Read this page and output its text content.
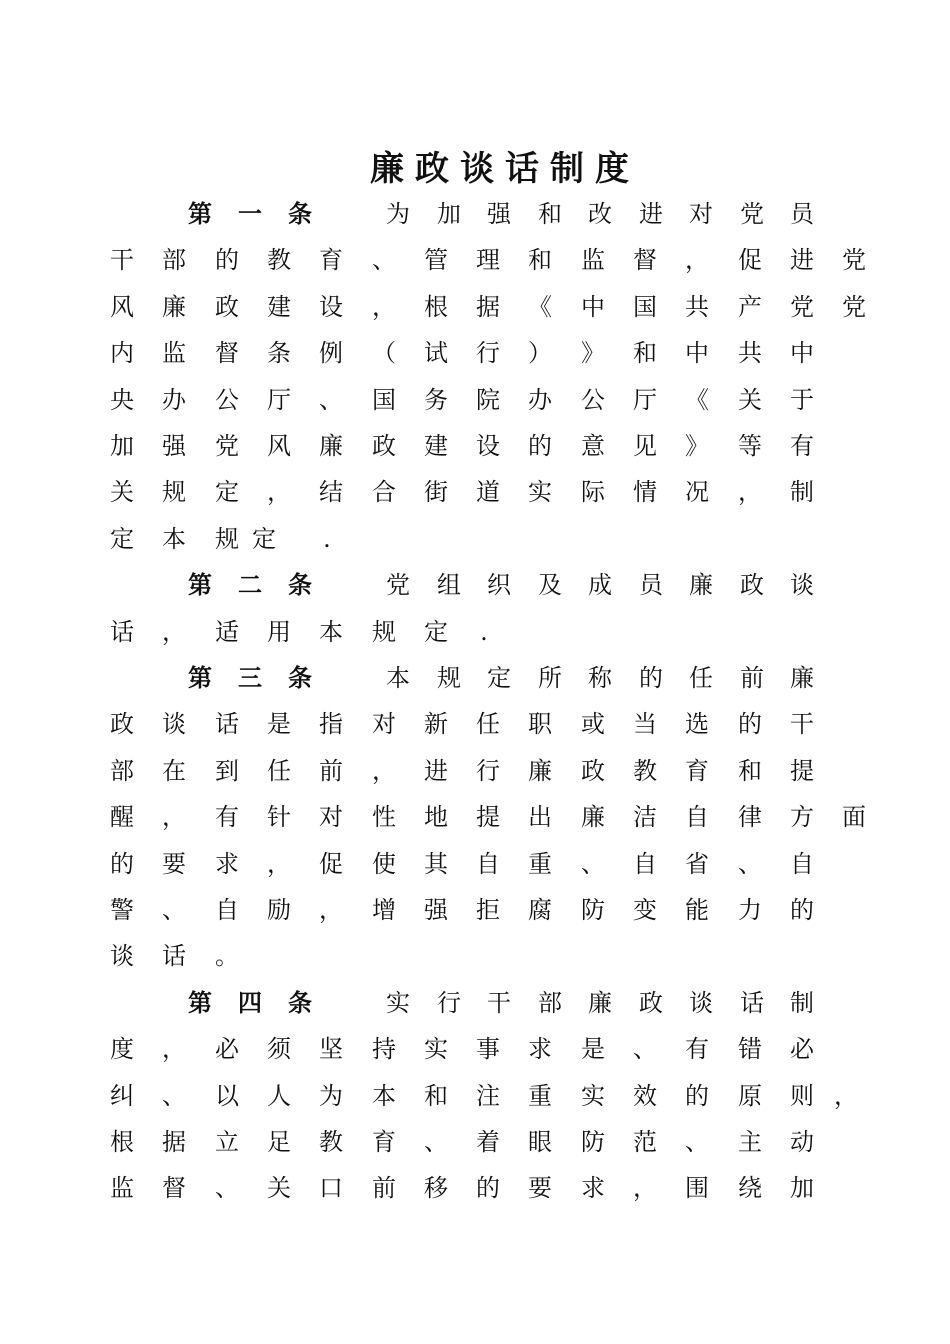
廉政谈话制度
第	一	条	为	加	强	和	改	进	对	党	员
干	部	的	教	育	、	管	理	和	监	督	，	促	进	党
风	廉	政	建	设	，	根	据	《	中	国	共	产	党	党
内	监	督	条	例	（	试	行	）	》	和	中	共	中
央	办	公	厅	、	国	务	院	办	公	厅	《	关	于
加	强	党	风	廉	政	建	设	的	意	见	》	等	有
关	规	定	，	结	合	街	道	实	际	情	况	，	制
定	本	规 定	.
第	二	条	党	组	织	及	成	员	廉	政	谈
话	，	适	用	本	规	定	.
第	三	条	本	规	定	所	称	的	任	前	廉
政	谈	话	是	指	对	新	任	职	或	当	选	的	干
部	在	到	任	前	，	进	行	廉	政	教	育	和	提
醒	，	有	针	对	性	地	提	出	廉	洁	自	律	方	面
的	要	求	，	促	使	其	自	重	、	自	省	、	自
警	、	自	励	，	增	强	拒	腐	防	变	能	力	的
谈	话	。
第	四	条	实	行	干	部	廉	政	谈	话	制
度	，	必	须	坚	持	实	事	求	是	、	有	错	必
纠	、	以	人	为	本	和	注	重	实	效	的	原	则 ，
根	据	立	足	教	育	、	着	眼	防	范	、	主	动
监	督	、	关	口	前	移	的	要	求	，	围	绕	加
